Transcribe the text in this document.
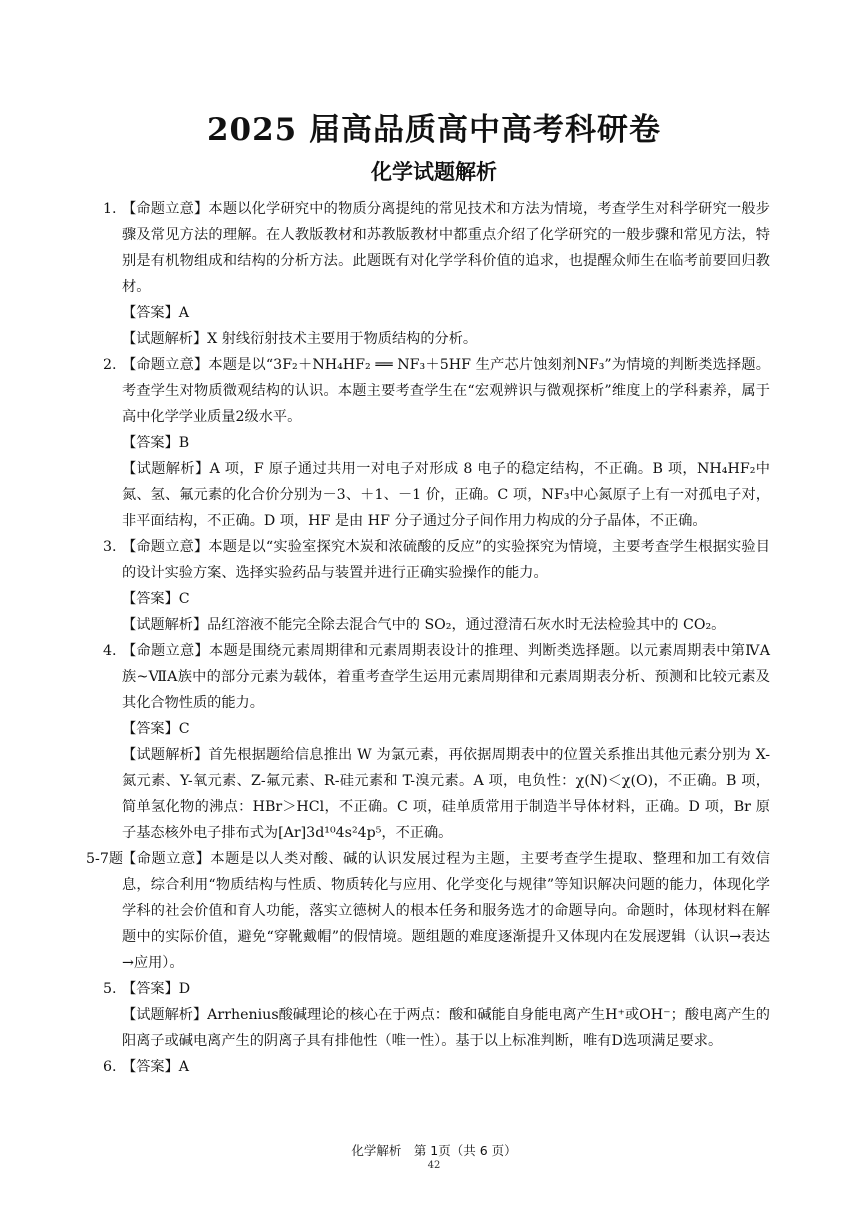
2025 届高品质高中高考科研卷
化学试题解析

1. 【命题立意】本题以化学研究中的物质分离提纯的常见技术和方法为情境，考查学生对科学研究一般步骤及常见方法的理解。在人教版教材和苏教版教材中都重点介绍了化学研究的一般步骤和常见方法，特别是有机物组成和结构的分析方法。此题既有对化学学科价值的追求，也提醒众师生在临考前要回归教材。

【答案】A

【试题解析】X 射线衍射技术主要用于物质结构的分析。

2. 【命题立意】本题是以“3F₂＋NH₄HF₂ ══ NF₃＋5HF 生产芯片蚀刻剂NF₃”为情境的判断类选择题。考查学生对物质微观结构的认识。本题主要考查学生在“宏观辨识与微观探析”维度上的学科素养，属于高中化学学业质量2级水平。

【答案】B

【试题解析】A 项，F 原子通过共用一对电子对形成 8 电子的稳定结构，不正确。B 项，NH₄HF₂中氮、氢、氟元素的化合价分别为－3、＋1、－1 价，正确。C 项，NF₃中心氮原子上有一对孤电子对，非平面结构，不正确。D 项，HF 是由 HF 分子通过分子间作用力构成的分子晶体，不正确。

3. 【命题立意】本题是以“实验室探究木炭和浓硫酸的反应”的实验探究为情境，主要考查学生根据实验目的设计实验方案、选择实验药品与装置并进行正确实验操作的能力。

【答案】C

【试题解析】品红溶液不能完全除去混合气中的 SO₂，通过澄清石灰水时无法检验其中的 CO₂。

4. 【命题立意】本题是围绕元素周期律和元素周期表设计的推理、判断类选择题。以元素周期表中第ⅣA族~ⅦA族中的部分元素为载体，着重考查学生运用元素周期律和元素周期表分析、预测和比较元素及其化合物性质的能力。

【答案】C

【试题解析】首先根据题给信息推出 W 为氯元素，再依据周期表中的位置关系推出其他元素分别为 X-氮元素、Y-氧元素、Z-氟元素、R-硅元素和 T-溴元素。A 项，电负性：χ(N)＜χ(O)，不正确。B 项，简单氢化物的沸点：HBr＞HCl，不正确。C 项，硅单质常用于制造半导体材料，正确。D 项，Br 原子基态核外电子排布式为[Ar]3d¹⁰4s²4p⁵，不正确。

5-7题
【命题立意】本题是以人类对酸、碱的认识发展过程为主题，主要考查学生提取、整理和加工有效信息，综合利用“物质结构与性质、物质转化与应用、化学变化与规律”等知识解决问题的能力，体现化学学科的社会价值和育人功能，落实立德树人的根本任务和服务选才的命题导向。命题时，体现材料在解题中的实际价值，避免“穿靴戴帽”的假情境。题组题的难度逐渐提升又体现内在发展逻辑（认识→表达→应用）。

5. 【答案】D

【试题解析】Arrhenius酸碱理论的核心在于两点：酸和碱能自身能电离产生H⁺或OH⁻；酸电离产生的阳离子或碱电离产生的阴离子具有排他性（唯一性）。基于以上标准判断，唯有D选项满足要求。

6. 【答案】A

化学解析　第 1页（共 6 页）
42
